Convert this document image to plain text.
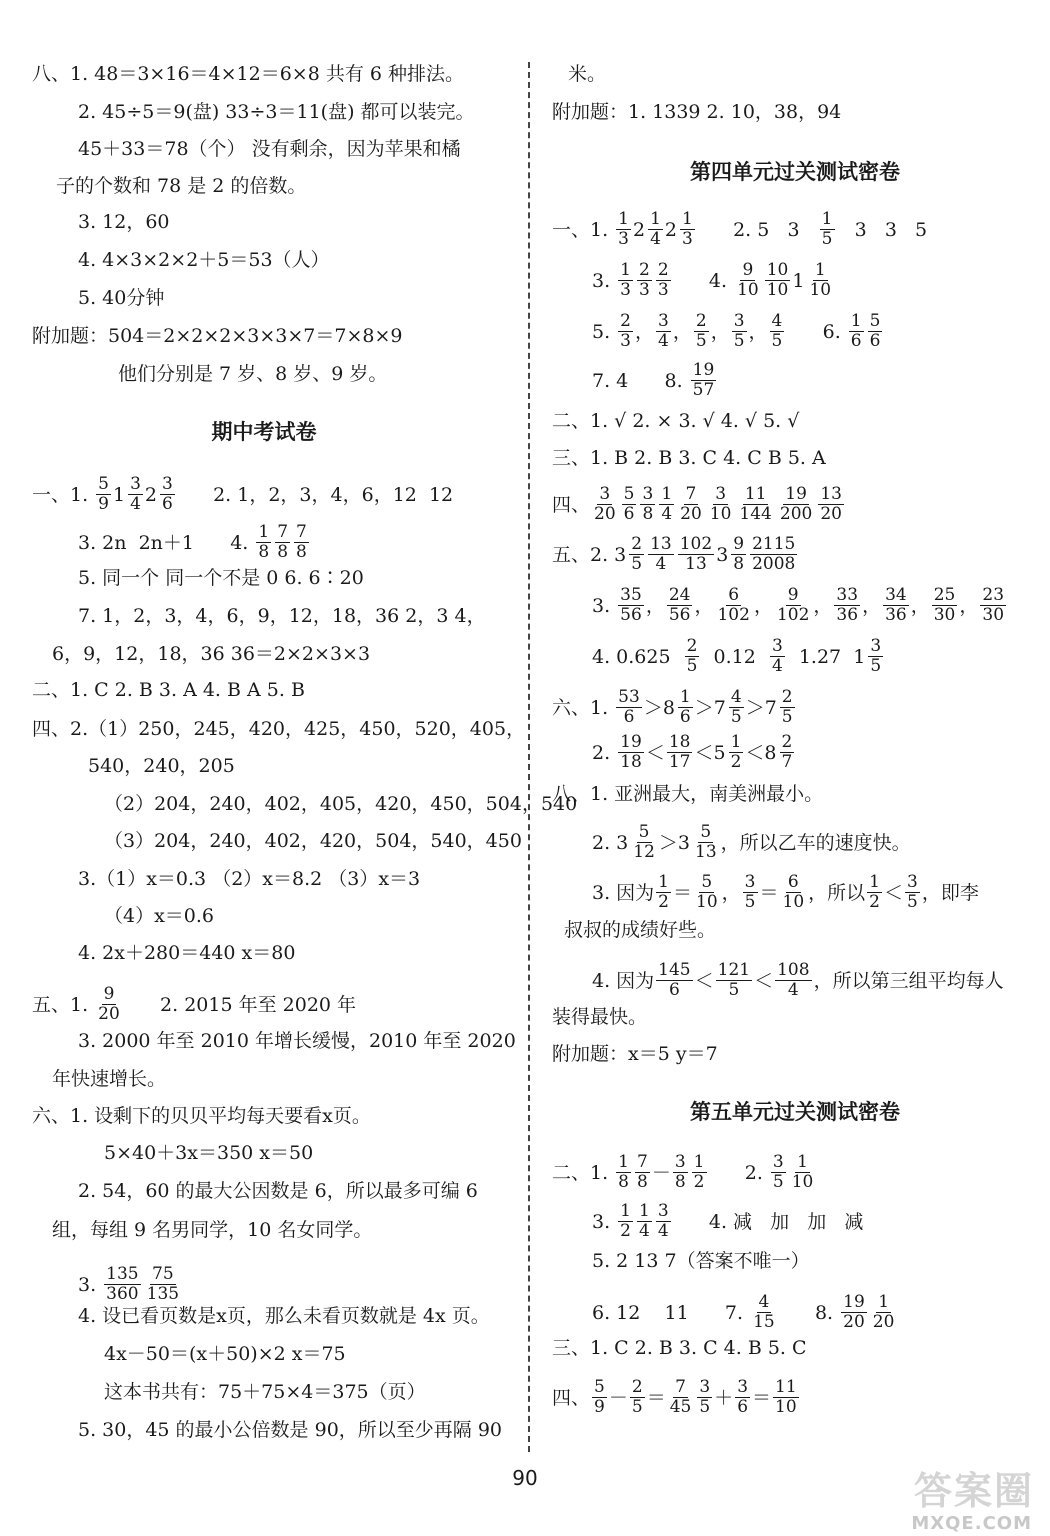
八、1. 48＝3×16＝4×12＝6×8 共有 6 种排法。
2. 45÷5＝9(盘) 33÷3＝11(盘) 都可以装完。
45＋33＝78（个） 没有剩余，因为苹果和橘
子的个数和 78 是 2 的倍数。
3. 12，60
4. 4×3×2×2＋5＝53（人）
5. 40分钟
附加题：504＝2×2×2×3×3×7＝7×8×9
他们分别是 7 岁、8 岁、9 岁。
期中考试卷
一、1. $\frac{5}{9} 1 \frac{3}{4} 2 \frac{3}{6} 2$. 1，2，3，4，6，12  12
3. 2n  2n＋1      4. $\frac{1}{8} \frac{7}{8} \frac{7}{8}$
5. 同一个 同一个不是 0 6. 6∶20
7. 1，2，3，4，6，9，12，18，36 2，3 4，
6，9，12，18，36 36＝2×2×3×3
二、1. C 2. B 3. A 4. B A 5. B
四、2.（1）250，245，420，425，450，520，405，
540，240，205
（2）204，240，402，405，420，450，504，540
（3）204，240，402，420，504，540，450
3.（1）x＝0.3 （2）x＝8.2 （3）x＝3
（4）x＝0.6
4. 2x＋280＝440 x＝80
五、1. $\frac{9}{20} 2$. 2015 年至 2020 年
3. 2000 年至 2010 年增长缓慢，2010 年至 2020
年快速增长。
六、1. 设剩下的贝贝平均每天要看x页。
5×40＋3x＝350 x＝50
2. 54，60 的最大公因数是 6，所以最多可编 6
组，每组 9 名男同学，10 名女同学。
3. $\frac{135}{360} \frac{75}{135}$
4. 设已看页数是x页，那么未看页数就是 4x 页。
4x－50＝(x＋50)×2 x＝75
这本书共有：75＋75×4＝375（页）
5. 30，45 的最小公倍数是 90，所以至少再隔 90
米。
附加题：1. 1339 2. 10，38，94
第四单元过关测试密卷
一、1. $\frac{1}{3} 2 \frac{1}{4} 2 \frac{1}{3} 2$. 5   $3 \frac{1}{5} 3$   3   5
3. $\frac{1}{3} \frac{2}{3} \frac{2}{3} 4$. $\frac{9}{10} \frac{10}{10} 1 \frac{1}{10}$
5. $\frac{2}{3}$ ， $\frac{3}{4}$ ， $\frac{2}{5}$ ， $\frac{3}{5}$ ， $\frac{4}{5} 6$. $\frac{1}{6} \frac{5}{6}$
7. 4      8. $\frac{19}{57}$
二、1. √ 2. × 3. √ 4. √ 5. √
三、1. B 2. B 3. C 4. C B 5. A
四、 $\frac{3}{20} \frac{5}{6} \frac{3}{8} \frac{1}{4} \frac{7}{20} \frac{3}{10} \frac{11}{144} \frac{19}{200} \frac{13}{20}$
五、2. $3 \frac{2}{5} \frac{13}{4} \frac{102}{13} 3 \frac{9}{8} \frac{2115}{2008}$
3. $\frac{35}{56}$ ， $\frac{24}{56}$ ， $\frac{6}{102}$ ， $\frac{9}{102}$ ， $\frac{33}{36}$ ， $\frac{34}{36}$ ， $\frac{25}{30}$ ， $\frac{23}{30}$
4. $0.625 \frac{2}{5} 0.12 \frac{3}{4} 1.27$ $1 \frac{3}{5}$
六、1. $\frac{53}{6} > 8 \frac{1}{6} > 7 \frac{4}{5} > 7 \frac{2}{5}$
2. $\frac{19}{18} < \frac{18}{17} < 5 \frac{1}{2} < 8 \frac{2}{7}$
八、1. 亚洲最大，南美洲最小。
2. $3 \frac{5}{12} > 3 \frac{5}{13}$ ，所以乙车的速度快。
3. 因为 $\frac{1}{2} = \frac{5}{10}$ ， $\frac{3}{5} = \frac{6}{10}$ ，所以 $\frac{1}{2} < \frac{3}{5}$ ，即李
叔叔的成绩好些。
4. 因为 $\frac{145}{6} < \frac{121}{5} < \frac{108}{4}$ ，所以第三组平均每人
装得最快。
附加题：x＝5 y＝7
第五单元过关测试密卷
二、1. $\frac{1}{8} \frac{7}{8} - \frac{3}{8} \frac{1}{2} 2$. $\frac{3}{5} \frac{1}{10}$
3. $\frac{1}{2} \frac{1}{4} \frac{3}{4} 4$. 减   加   加   减
5. 2 13 7（答案不唯一）
6. 12    11      7. $\frac{4}{15} 8$. $\frac{19}{20} \frac{1}{20}$
三、1. C 2. B 3. C 4. B 5. C
四、 $\frac{5}{9} - \frac{2}{5} = \frac{7}{45} \frac{3}{5} + \frac{3}{6} = \frac{11}{10}$
90	答案圈
MXQE.COM
